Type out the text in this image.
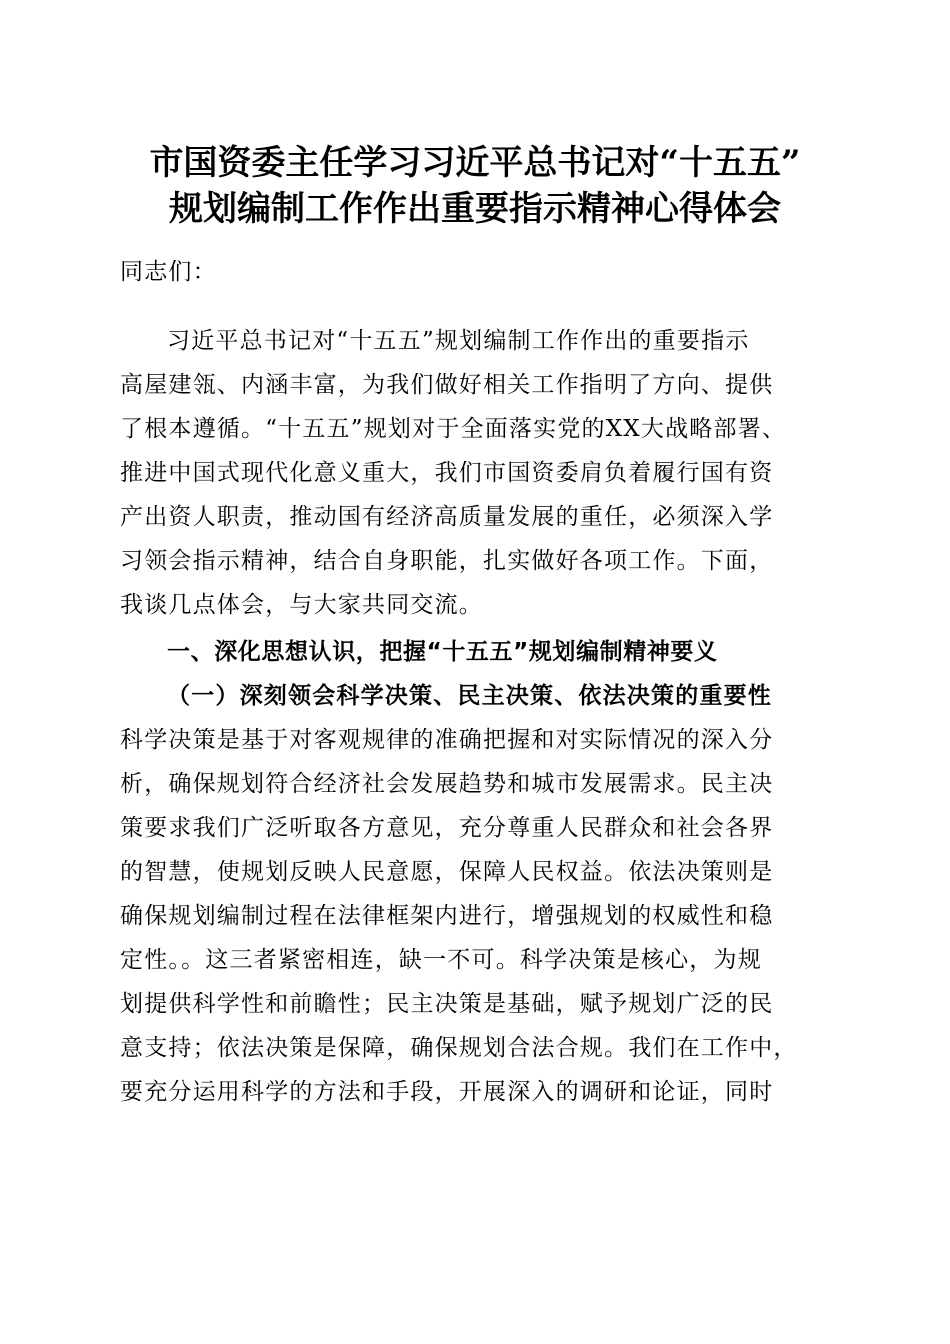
市国资委主任学习习近平总书记对“十五五”
规划编制工作作出重要指示精神心得体会
同志们：
习近平总书记对“十五五”规划编制工作作出的重要指示
高屋建瓴、内涵丰富，为我们做好相关工作指明了方向、提供
了根本遵循。“十五五”规划对于全面落实党的XX大战略部署、
推进中国式现代化意义重大，我们市国资委肩负着履行国有资
产出资人职责，推动国有经济高质量发展的重任，必须深入学
习领会指示精神，结合自身职能，扎实做好各项工作。下面，
我谈几点体会，与大家共同交流。
一、深化思想认识，把握“十五五”规划编制精神要义
（一）深刻领会科学决策、民主决策、依法决策的重要性
科学决策是基于对客观规律的准确把握和对实际情况的深入分
析，确保规划符合经济社会发展趋势和城市发展需求。民主决
策要求我们广泛听取各方意见，充分尊重人民群众和社会各界
的智慧，使规划反映人民意愿，保障人民权益。依法决策则是
确保规划编制过程在法律框架内进行，增强规划的权威性和稳
定性。。这三者紧密相连，缺一不可。科学决策是核心，为规
划提供科学性和前瞻性；民主决策是基础，赋予规划广泛的民
意支持；依法决策是保障，确保规划合法合规。我们在工作中，
要充分运用科学的方法和手段，开展深入的调研和论证，同时
